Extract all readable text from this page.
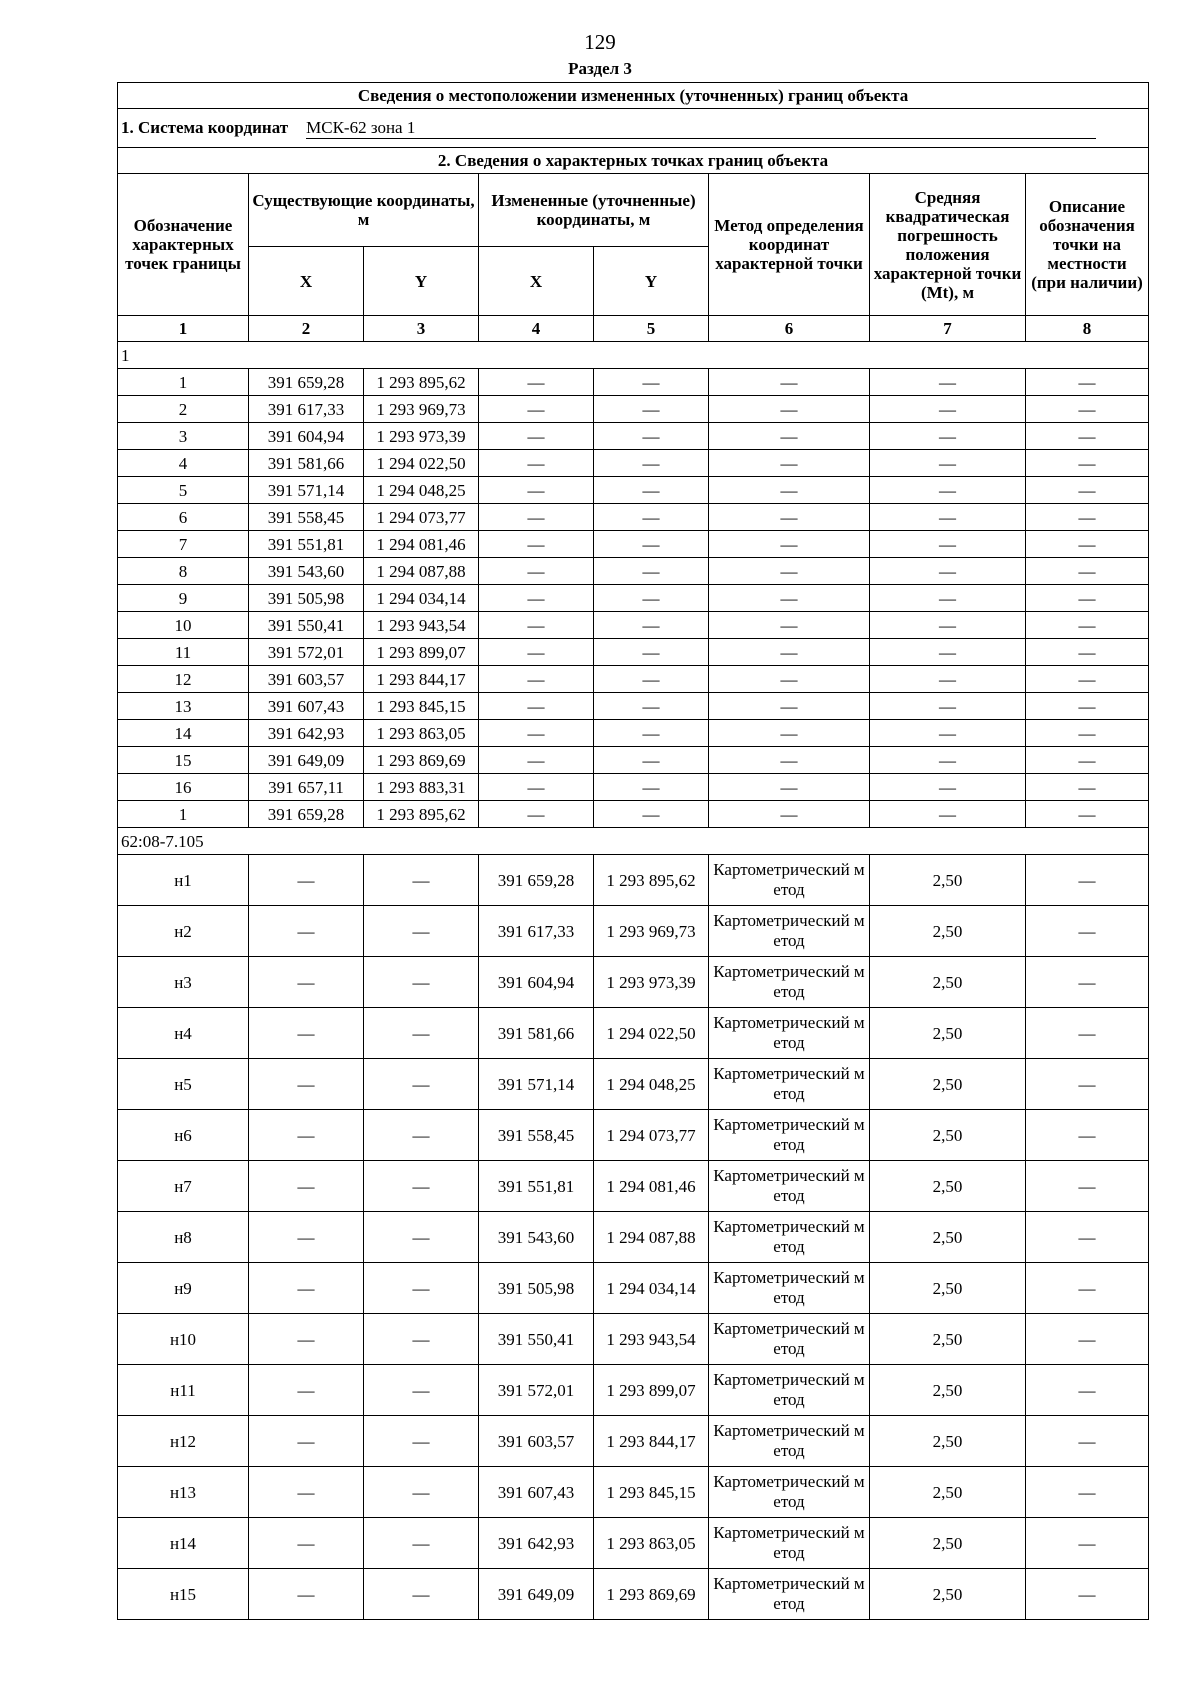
129
Раздел 3
Сведения о местоположении измененных (уточненных) границ объекта							
1. Система координат МСК-62 зона 1							
2. Сведения о характерных точках границ объекта							
Обозначение характерных точек границы	Существующие координаты, м		Измененные (уточненные) координаты, м		Метод определения координат характерной точки	Средняя квадратическая погрешность положения характерной точки (Mt), м	Описание обозначения точки на местности (при наличии)
	X	Y	X	Y			
1	2	3	4	5	6	7	8
1							
1	391 659,28	1 293 895,62	—	—	—	—	—
2	391 617,33	1 293 969,73	—	—	—	—	—
3	391 604,94	1 293 973,39	—	—	—	—	—
4	391 581,66	1 294 022,50	—	—	—	—	—
5	391 571,14	1 294 048,25	—	—	—	—	—
6	391 558,45	1 294 073,77	—	—	—	—	—
7	391 551,81	1 294 081,46	—	—	—	—	—
8	391 543,60	1 294 087,88	—	—	—	—	—
9	391 505,98	1 294 034,14	—	—	—	—	—
10	391 550,41	1 293 943,54	—	—	—	—	—
11	391 572,01	1 293 899,07	—	—	—	—	—
12	391 603,57	1 293 844,17	—	—	—	—	—
13	391 607,43	1 293 845,15	—	—	—	—	—
14	391 642,93	1 293 863,05	—	—	—	—	—
15	391 649,09	1 293 869,69	—	—	—	—	—
16	391 657,11	1 293 883,31	—	—	—	—	—
1	391 659,28	1 293 895,62	—	—	—	—	—
62:08-7.105							
н1	—	—	391 659,28	1 293 895,62	Картометрический метод	2,50	—
н2	—	—	391 617,33	1 293 969,73	Картометрический метод	2,50	—
н3	—	—	391 604,94	1 293 973,39	Картометрический метод	2,50	—
н4	—	—	391 581,66	1 294 022,50	Картометрический метод	2,50	—
н5	—	—	391 571,14	1 294 048,25	Картометрический метод	2,50	—
н6	—	—	391 558,45	1 294 073,77	Картометрический метод	2,50	—
н7	—	—	391 551,81	1 294 081,46	Картометрический метод	2,50	—
н8	—	—	391 543,60	1 294 087,88	Картометрический метод	2,50	—
н9	—	—	391 505,98	1 294 034,14	Картометрический метод	2,50	—
н10	—	—	391 550,41	1 293 943,54	Картометрический метод	2,50	—
н11	—	—	391 572,01	1 293 899,07	Картометрический метод	2,50	—
н12	—	—	391 603,57	1 293 844,17	Картометрический метод	2,50	—
н13	—	—	391 607,43	1 293 845,15	Картометрический метод	2,50	—
н14	—	—	391 642,93	1 293 863,05	Картометрический метод	2,50	—
н15	—	—	391 649,09	1 293 869,69	Картометрический метод	2,50	—
